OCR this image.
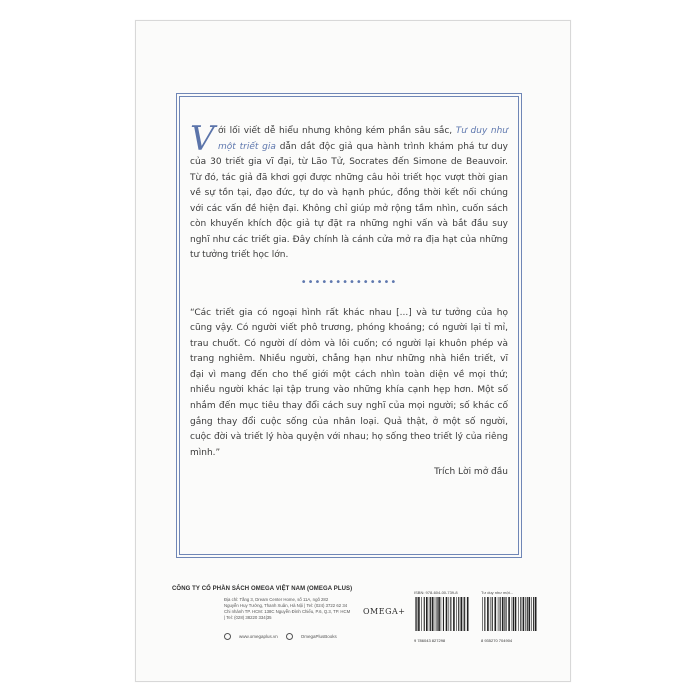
Với lối viết dễ hiểu nhưng không kém phần sâu sắc, Tư duy như một triết gia dẫn dắt độc giả qua hành trình khám phá tư duy của 30 triết gia vĩ đại, từ Lão Tử, Socrates đến Simone de Beauvoir. Từ đó, tác giả đã khơi gợi được những câu hỏi triết học vượt thời gian về sự tồn tại, đạo đức, tự do và hạnh phúc, đồng thời kết nối chúng với các vấn đề hiện đại. Không chỉ giúp mở rộng tầm nhìn, cuốn sách còn khuyến khích độc giả tự đặt ra những nghi vấn và bắt đầu suy nghĩ như các triết gia. Đây chính là cánh cửa mở ra địa hạt của những tư tưởng triết học lớn.

••••••••••••••

“Các triết gia có ngoại hình rất khác nhau [...] và tư tưởng của họ cũng vậy. Có người viết phô trương, phóng khoáng; có người lại tỉ mỉ, trau chuốt. Có người dí dỏm và lôi cuốn; có người lại khuôn phép và trang nghiêm. Nhiều người, chẳng hạn như những nhà hiền triết, vĩ đại vì mang đến cho thế giới một cách nhìn toàn diện về mọi thứ; nhiều người khác lại tập trung vào những khía cạnh hẹp hơn. Một số nhắm đến mục tiêu thay đổi cách suy nghĩ của mọi người; số khác cố gắng thay đổi cuộc sống của nhân loại. Quả thật, ở một số người, cuộc đời và triết lý hòa quyện với nhau; họ sống theo triết lý của riêng mình.”

Trích Lời mở đầu
CÔNG TY CỔ PHẦN SÁCH OMEGA VIỆT NAM (OMEGA PLUS)
Địa chỉ: Tầng 3, Dream Center Home, số 11A, ngõ 282
Nguyễn Huy Tưởng, Thanh Xuân, Hà Nội | Tel: (024) 3722 62 34
Chi nhánh TP. HCM: 138C Nguyễn Đình Chiểu, P.6, Q.3, TP. HCM
| Tel: (028) 38220 334|35
www.omegaplus.vn	OmegaPlusBooks
OMEGA+
ISBN: 978-604-00-739-8
9 786043 827298
Tư duy như một...
8 935270 704904
